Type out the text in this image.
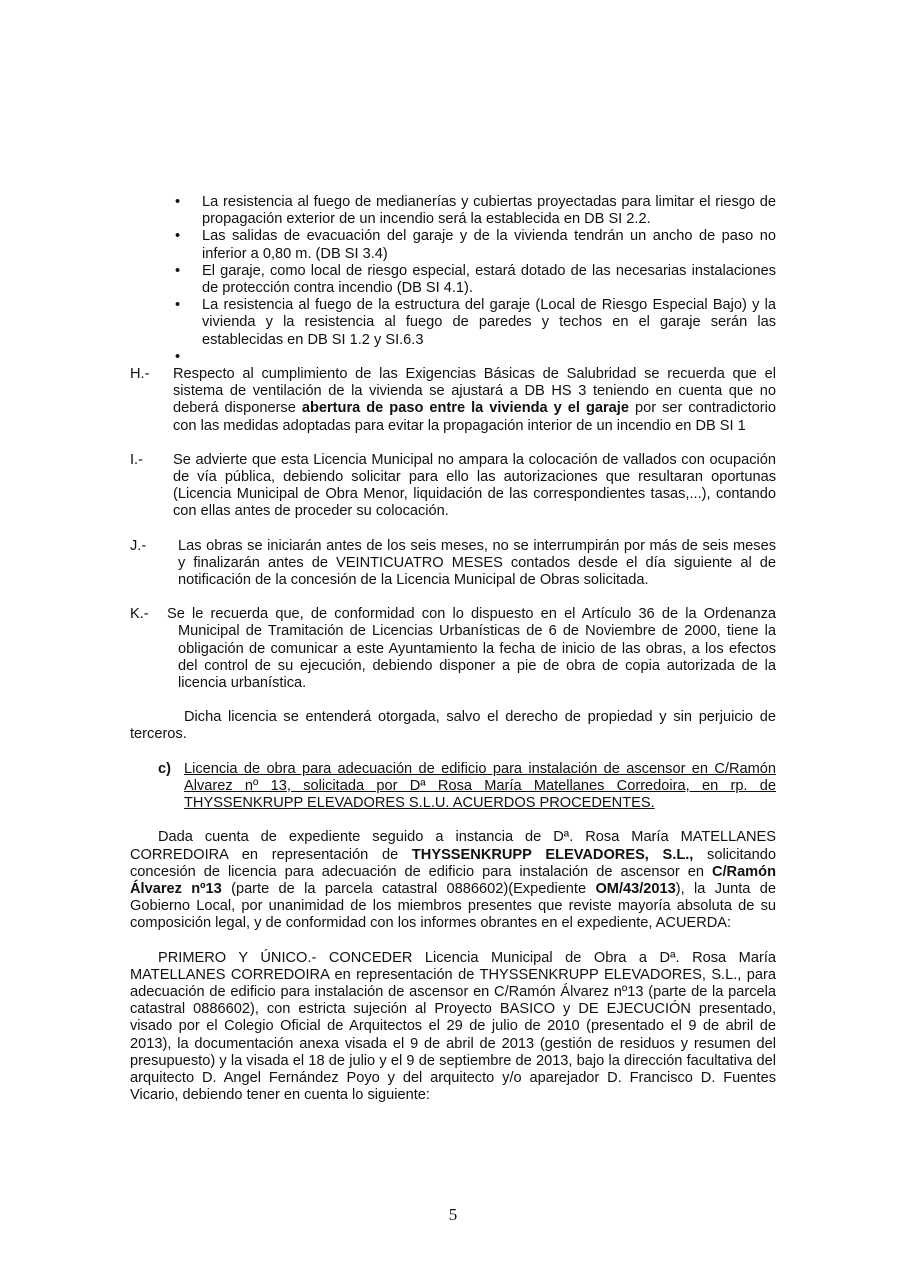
• La resistencia al fuego de medianerías y cubiertas proyectadas para limitar el riesgo de propagación exterior de un incendio será la establecida en DB SI 2.2.
• Las salidas de evacuación del garaje y de la vivienda tendrán un ancho de paso no inferior a 0,80 m. (DB SI 3.4)
• El garaje, como local de riesgo especial, estará dotado de las necesarias instalaciones de protección contra incendio (DB SI 4.1).
• La resistencia al fuego de la estructura del garaje (Local de Riesgo Especial Bajo) y la vivienda y la resistencia al fuego de paredes y techos en el garaje serán las establecidas en DB SI 1.2 y SI.6.3
•
H.- Respecto al cumplimiento de las Exigencias Básicas de Salubridad se recuerda que el sistema de ventilación de la vivienda se ajustará a DB HS 3 teniendo en cuenta que no deberá disponerse abertura de paso entre la vivienda y el garaje por ser contradictorio con las medidas adoptadas para evitar la propagación interior de un incendio en DB SI 1
I.- Se advierte que esta Licencia Municipal no ampara la colocación de vallados con ocupación de vía pública, debiendo solicitar para ello las autorizaciones que resultaran oportunas (Licencia Municipal de Obra Menor, liquidación de las correspondientes tasas,...), contando con ellas antes de proceder su colocación.
J.- Las obras se iniciarán antes de los seis meses, no se interrumpirán por más de seis meses y finalizarán antes de VEINTICUATRO MESES contados desde el día siguiente al de notificación de la concesión de la Licencia Municipal de Obras solicitada.
K.- Se le recuerda que, de conformidad con lo dispuesto en el Artículo 36 de la Ordenanza
Municipal de Tramitación de Licencias Urbanísticas de 6 de Noviembre de 2000, tiene la obligación de comunicar a este Ayuntamiento la fecha de inicio de las obras, a los efectos del control de su ejecución, debiendo disponer a pie de obra de copia autorizada de la licencia urbanística.
Dicha licencia se entenderá otorgada, salvo el derecho de propiedad y sin perjuicio de terceros.
c) Licencia de obra para adecuación de edificio para instalación de ascensor en C/Ramón Alvarez nº 13, solicitada por Dª Rosa María Matellanes Corredoira, en rp. de THYSSENKRUPP ELEVADORES S.L.U. ACUERDOS PROCEDENTES.
Dada cuenta de expediente seguido a instancia de Dª. Rosa María MATELLANES CORREDOIRA en representación de THYSSENKRUPP ELEVADORES, S.L., solicitando concesión de licencia para adecuación de edificio para instalación de ascensor en C/Ramón Álvarez nº13 (parte de la parcela catastral 0886602)(Expediente OM/43/2013), la Junta de Gobierno Local, por unanimidad de los miembros presentes que reviste mayoría absoluta de su composición legal, y de conformidad con los informes obrantes en el expediente, ACUERDA:
PRIMERO Y ÚNICO.- CONCEDER Licencia Municipal de Obra a Dª. Rosa María MATELLANES CORREDOIRA en representación de THYSSENKRUPP ELEVADORES, S.L., para adecuación de edificio para instalación de ascensor en C/Ramón Álvarez nº13 (parte de la parcela catastral 0886602), con estricta sujeción al Proyecto BASICO y DE EJECUCIÓN presentado, visado por el Colegio Oficial de Arquitectos el 29 de julio de 2010 (presentado el 9 de abril de 2013), la documentación anexa visada el 9 de abril de 2013 (gestión de residuos y resumen del presupuesto) y la visada el 18 de julio y el 9 de septiembre de 2013, bajo la dirección facultativa del arquitecto D. Angel Fernández Poyo y del arquitecto y/o aparejador D. Francisco D. Fuentes Vicario, debiendo tener en cuenta lo siguiente:
5
